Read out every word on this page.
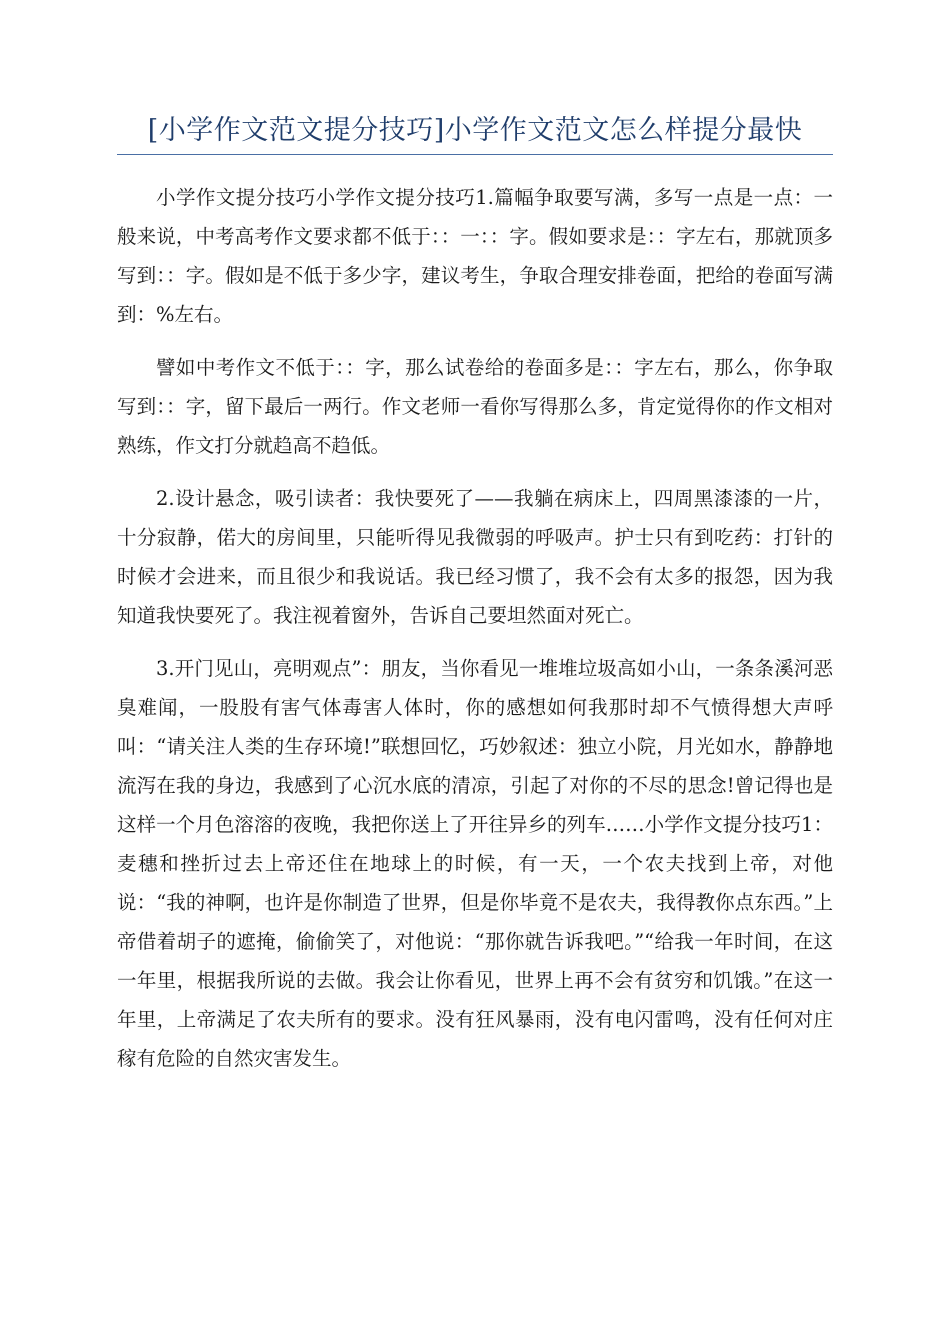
[小学作文范文提分技巧]小学作文范文怎么样提分最快

小学作文提分技巧小学作文提分技巧1.篇幅争取要写满，多写一点是一点：一般来说，中考高考作文要求都不低于：：一：：字。假如要求是：：字左右，那就顶多写到：：字。假如是不低于多少字，建议考生，争取合理安排卷面，把给的卷面写满到：%左右。

譬如中考作文不低于：：字，那么试卷给的卷面多是：：字左右，那么，你争取写到：：字，留下最后一两行。作文老师一看你写得那么多，肯定觉得你的作文相对熟练，作文打分就趋高不趋低。

2.设计悬念，吸引读者：我快要死了——我躺在病床上，四周黑漆漆的一片，十分寂静，偌大的房间里，只能听得见我微弱的呼吸声。护士只有到吃药：打针的时候才会进来，而且很少和我说话。我已经习惯了，我不会有太多的报怨，因为我知道我快要死了。我注视着窗外，告诉自己要坦然面对死亡。

3.开门见山，亮明观点”：朋友，当你看见一堆堆垃圾高如小山，一条条溪河恶臭难闻，一股股有害气体毒害人体时，你的感想如何我那时却不气愤得想大声呼叫：“请关注人类的生存环境!”联想回忆，巧妙叙述：独立小院，月光如水，静静地流泻在我的身边，我感到了心沉水底的清凉，引起了对你的不尽的思念!曾记得也是这样一个月色溶溶的夜晚，我把你送上了开往异乡的列车……小学作文提分技巧1：麦穗和挫折过去上帝还住在地球上的时候，有一天，一个农夫找到上帝，对他说：“我的神啊，也许是你制造了世界，但是你毕竟不是农夫，我得教你点东西。”上帝借着胡子的遮掩，偷偷笑了，对他说：“那你就告诉我吧。”“给我一年时间，在这一年里，根据我所说的去做。我会让你看见，世界上再不会有贫穷和饥饿。”在这一年里，上帝满足了农夫所有的要求。没有狂风暴雨，没有电闪雷鸣，没有任何对庄稼有危险的自然灾害发生。
